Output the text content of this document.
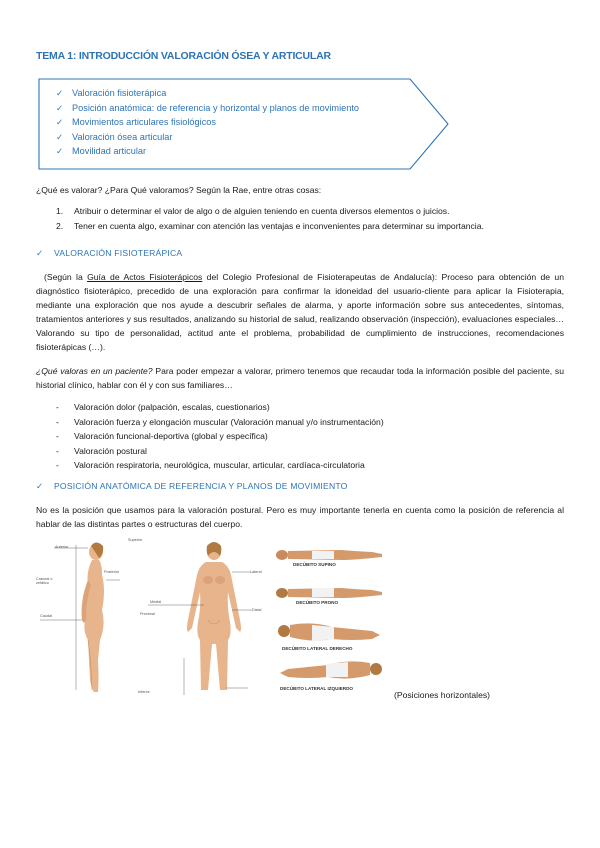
TEMA 1: INTRODUCCIÓN VALORACIÓN ÓSEA Y ARTICULAR
✓ Valoración fisioterápica
✓ Posición anatómica: de referencia y horizontal y planos de movimiento
✓ Movimientos articulares fisiológicos
✓ Valoración ósea articular
✓ Movilidad articular
¿Qué es valorar? ¿Para Qué valoramos? Según la Rae, entre otras cosas:
1. Atribuir o determinar el valor de algo o de alguien teniendo en cuenta diversos elementos o juicios.
2. Tener en cuenta algo, examinar con atención las ventajas e inconvenientes para determinar su importancia.
✓ VALORACIÓN FISIOTERÁPICA
(Según la Guía de Actos Fisioterápicos del Colegio Profesional de Fisioterapeutas de Andalucía): Proceso para obtención de un diagnóstico fisioterápico, precedido de una exploración para confirmar la idoneidad del usuario-cliente para aplicar la Fisioterapia, mediante una exploración que nos ayude a descubrir señales de alarma, y aporte información sobre sus antecedentes, síntomas, tratamientos anteriores y sus resultados, analizando su historial de salud, realizando observación (inspección), evaluaciones especiales… Valorando su tipo de personalidad, actitud ante el problema, probabilidad de cumplimiento de instrucciones, recomendaciones fisioterápicas (…).
¿Qué valoras en un paciente? Para poder empezar a valorar, primero tenemos que recaudar toda la información posible del paciente, su historial clínico, hablar con él y con sus familiares…
- Valoración dolor (palpación, escalas, cuestionarios)
- Valoración fuerza y elongación muscular (Valoración manual y/o instrumentación)
- Valoración funcional-deportiva (global y específica)
- Valoración postural
- Valoración respiratoria, neurológica, muscular, articular, cardíaca-circulatoria
✓ POSICIÓN ANATÓMICA DE REFERENCIA Y PLANOS DE MOVIMIENTO
No es la posición que usamos para la valoración postural. Pero es muy importante tenerla en cuenta como la posición de referencia al hablar de las distintas partes o estructuras del cuerpo.
Anterior
Posterior
Craneal o cefálico
Caudal
Superior
Proximal
Medial
Lateral
Distal
Inferior
DECÚBITO SUPINO
DECÚBITO PRONO
DECÚBITO LATERAL DERECHO
DECÚBITO LATERAL IZQUIERDO
(Posiciones horizontales)
